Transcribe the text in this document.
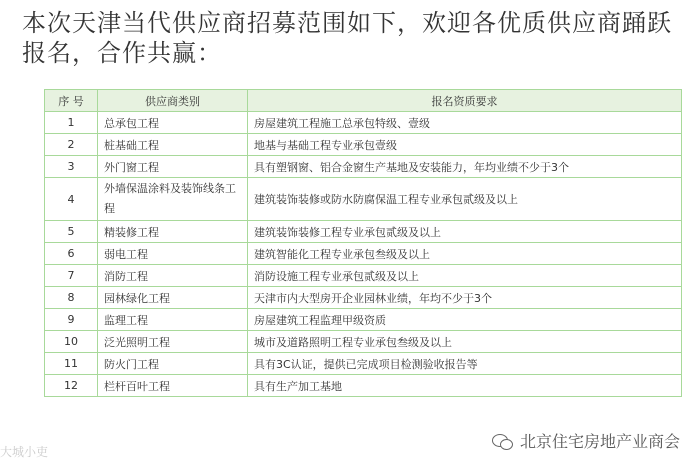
本次天津当代供应商招募范围如下，欢迎各优质供应商踊跃
报名，合作共赢：
序 号	供应商类别	报名资质要求
1	总承包工程	房屋建筑工程施工总承包特级、壹级
2	桩基础工程	地基与基础工程专业承包壹级
3	外门窗工程	具有塑钢窗、铝合金窗生产基地及安装能力，年均业绩不少于3个
4	外墙保温涂料及装饰线条工程	建筑装饰装修或防水防腐保温工程专业承包贰级及以上
5	精装修工程	建筑装饰装修工程专业承包贰级及以上
6	弱电工程	建筑智能化工程专业承包叁级及以上
7	消防工程	消防设施工程专业承包贰级及以上
8	园林绿化工程	天津市内大型房开企业园林业绩，年均不少于3个
9	监理工程	房屋建筑工程监理甲级资质
10	泛光照明工程	城市及道路照明工程专业承包叁级及以上
11	防火门工程	具有3C认证，提供已完成项目检测验收报告等
12	栏杆百叶工程	具有生产加工基地
大城小吏
北京住宅房地产业商会
